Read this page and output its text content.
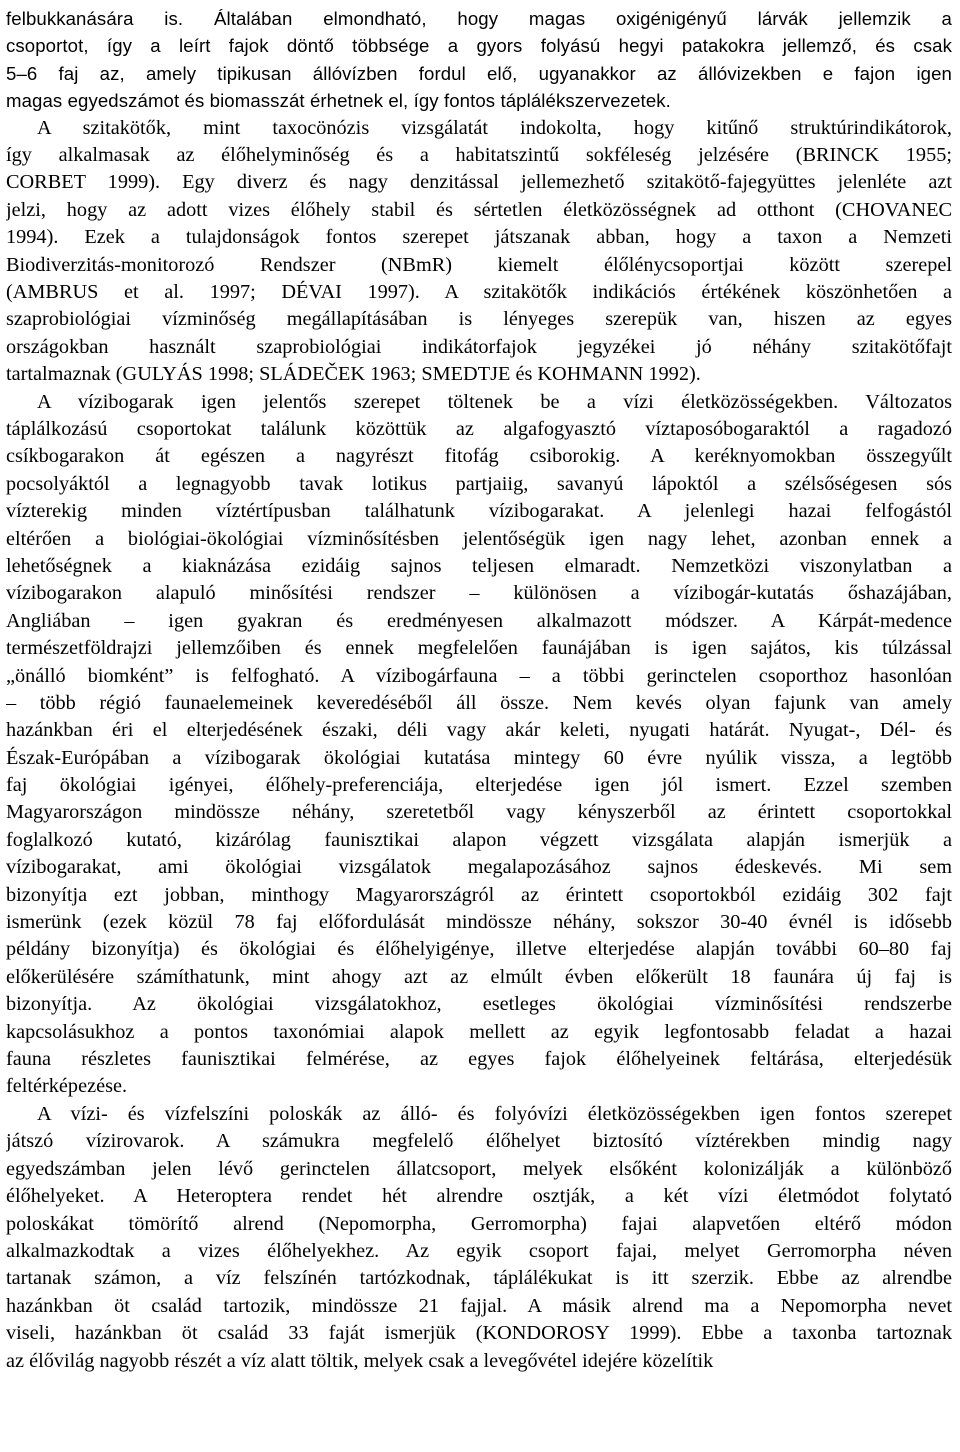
felbukkanására is. Általában elmondható, hogy magas oxigénigényű lárvák jellemzik a
csoportot, így a leírt fajok döntő többsége a gyors folyású hegyi patakokra jellemző, és csak
5–6 faj az, amely tipikusan állóvízben fordul elő, ugyanakkor az állóvizekben e fajon igen
magas egyedszámot és biomasszát érhetnek el, így fontos táplálékszervezetek.
A szitakötők, mint taxocönózis vizsgálatát indokolta, hogy kitűnő struktúrindikátorok,
így alkalmasak az élőhelyminőség és a habitatszintű sokféleség jelzésére (BRINCK 1955;
CORBET 1999). Egy diverz és nagy denzitással jellemezhető szitakötő-fajegyüttes jelenléte azt
jelzi, hogy az adott vizes élőhely stabil és sértetlen életközösségnek ad otthont (CHOVANEC
1994). Ezek a tulajdonságok fontos szerepet játszanak abban, hogy a taxon a Nemzeti
Biodiverzitás-monitorozó Rendszer (NBmR) kiemelt élőlénycsoportjai között szerepel
(AMBRUS et al. 1997; DÉVAI 1997). A szitakötők indikációs értékének köszönhetően a
szaprobiológiai vízminőség megállapításában is lényeges szerepük van, hiszen az egyes
országokban használt szaprobiológiai indikátorfajok jegyzékei jó néhány szitakötőfajt
tartalmaznak (GULYÁS 1998; SLÁDEČEK 1963; SMEDTJE és KOHMANN 1992).
A vízibogarak igen jelentős szerepet töltenek be a vízi életközösségekben. Változatos
táplálkozású csoportokat találunk közöttük az algafogyasztó víztaposóbogaraktól a ragadozó
csíkbogarakon át egészen a nagyrészt fitofág csiborokig. A keréknyomokban összegyűlt
pocsolyáktól a legnagyobb tavak lotikus partjaiig, savanyú lápoktól a szélsőségesen sós
vízterekig minden víztértípusban találhatunk vízibogarakat. A jelenlegi hazai felfogástól
eltérően a biológiai-ökológiai vízminősítésben jelentőségük igen nagy lehet, azonban ennek a
lehetőségnek a kiaknázása ezidáig sajnos teljesen elmaradt. Nemzetközi viszonylatban a
vízibogarakon alapuló minősítési rendszer – különösen a vízibogár-kutatás őshazájában,
Angliában – igen gyakran és eredményesen alkalmazott módszer. A Kárpát-medence
természetföldrajzi jellemzőiben és ennek megfelelően faunájában is igen sajátos, kis túlzással
„önálló biomként” is felfogható. A vízibogárfauna – a többi gerinctelen csoporthoz hasonlóan
– több régió faunaelemeinek keveredéséből áll össze. Nem kevés olyan fajunk van amely
hazánkban éri el elterjedésének északi, déli vagy akár keleti, nyugati határát. Nyugat-, Dél- és
Észak-Európában a vízibogarak ökológiai kutatása mintegy 60 évre nyúlik vissza, a legtöbb
faj ökológiai igényei, élőhely-preferenciája, elterjedése igen jól ismert. Ezzel szemben
Magyarországon mindössze néhány, szeretetből vagy kényszerből az érintett csoportokkal
foglalkozó kutató, kizárólag faunisztikai alapon végzett vizsgálata alapján ismerjük a
vízibogarakat, ami ökológiai vizsgálatok megalapozásához sajnos édeskevés. Mi sem
bizonyítja ezt jobban, minthogy Magyarországról az érintett csoportokból ezidáig 302 fajt
ismerünk (ezek közül 78 faj előfordulását mindössze néhány, sokszor 30-40 évnél is idősebb
példány bizonyítja) és ökológiai és élőhelyigénye, illetve elterjedése alapján további 60–80 faj
előkerülésére számíthatunk, mint ahogy azt az elmúlt évben előkerült 18 faunára új faj is
bizonyítja. Az ökológiai vizsgálatokhoz, esetleges ökológiai vízminősítési rendszerbe
kapcsolásukhoz a pontos taxonómiai alapok mellett az egyik legfontosabb feladat a hazai
fauna részletes faunisztikai felmérése, az egyes fajok élőhelyeinek feltárása, elterjedésük
feltérképezése.
A vízi- és vízfelszíni poloskák az álló- és folyóvízi életközösségekben igen fontos szerepet
játszó vízirovarok. A számukra megfelelő élőhelyet biztosító víztérekben mindig nagy
egyedszámban jelen lévő gerinctelen állatcsoport, melyek elsőként kolonizálják a különböző
élőhelyeket. A Heteroptera rendet hét alrendre osztják, a két vízi életmódot folytató
poloskákat tömörítő alrend (Nepomorpha, Gerromorpha) fajai alapvetően eltérő módon
alkalmazkodtak a vizes élőhelyekhez. Az egyik csoport fajai, melyet Gerromorpha néven
tartanak számon, a víz felszínén tartózkodnak, táplálékukat is itt szerzik. Ebbe az alrendbe
hazánkban öt család tartozik, mindössze 21 fajjal. A másik alrend ma a Nepomorpha nevet
viseli, hazánkban öt család 33 faját ismerjük (KONDOROSY 1999). Ebbe a taxonba tartoznak
az élővilág nagyobb részét a víz alatt töltik, melyek csak a levegővétel idejére közelítik
